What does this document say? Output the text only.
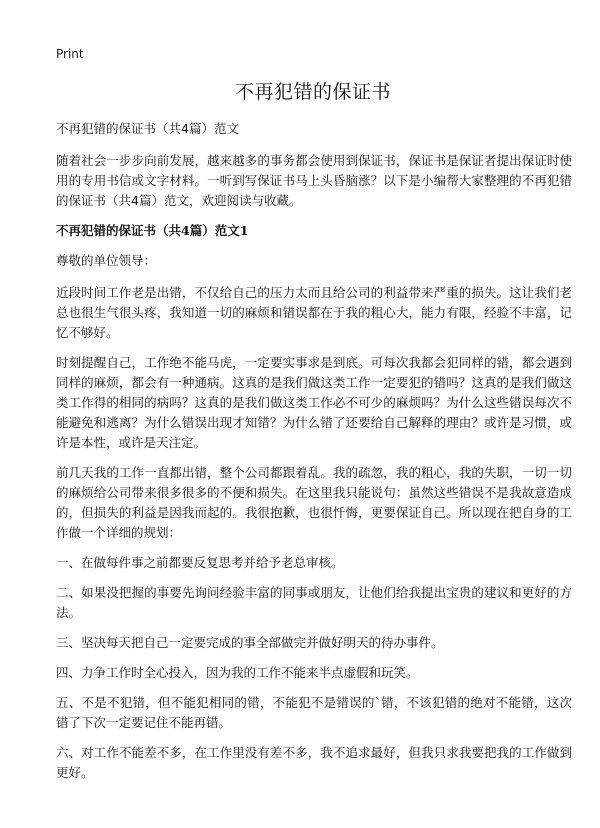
Print
不再犯错的保证书

不再犯错的保证书（共4篇）范文

随着社会一步步向前发展，越来越多的事务都会使用到保证书，保证书是保证者提出保证时使用的专用书信或文字材料。一听到写保证书马上头昏脑涨？以下是小编帮大家整理的不再犯错的保证书（共4篇）范文，欢迎阅读与收藏。

不再犯错的保证书（共4篇）范文1

尊敬的单位领导：

近段时间工作老是出错，不仅给自己的压力太而且给公司的利益带来严重的损失。这让我们老总也很生气很头疼，我知道一切的麻烦和错误都在于我的粗心大，能力有限，经验不丰富，记忆不够好。

时刻提醒自己，工作绝不能马虎，一定要实事求是到底。可每次我都会犯同样的错，都会遇到同样的麻烦，都会有一种通病。这真的是我们做这类工作一定要犯的错吗？这真的是我们做这类工作得的相同的病吗？这真的是我们做这类工作必不可少的麻烦吗？为什么这些错误每次不能避免和逃离？为什么错误出现才知错？为什么错了还要给自己解释的理由？或许是习惯，或许是本性，或许是天注定。

前几天我的工作一直都出错，整个公司都跟着乱。我的疏忽，我的粗心，我的失职，一切一切的麻烦给公司带来很多很多的不便和损失。在这里我只能说句：虽然这些错误不是我故意造成的，但损失的利益是因我而起的。我很抱歉，也很忏悔，更要保证自己。所以现在把自身的工作做一个详细的规划：

一、在做每件事之前都要反复思考并给予老总审核。

二、如果没把握的事要先询问经验丰富的同事或朋友，让他们给我提出宝贵的建议和更好的方法。

三、坚决每天把自己一定要完成的事全部做完并做好明天的待办事件。

四、力争工作时全心投入，因为我的工作不能来半点虚假和玩笑。

五、不是不犯错，但不能犯相同的错，不能犯不是错误的`错，不该犯错的绝对不能错，这次错了下次一定要记住不能再错。

六、对工作不能差不多，在工作里没有差不多，我不追求最好，但我只求我要把我的工作做到更好。
